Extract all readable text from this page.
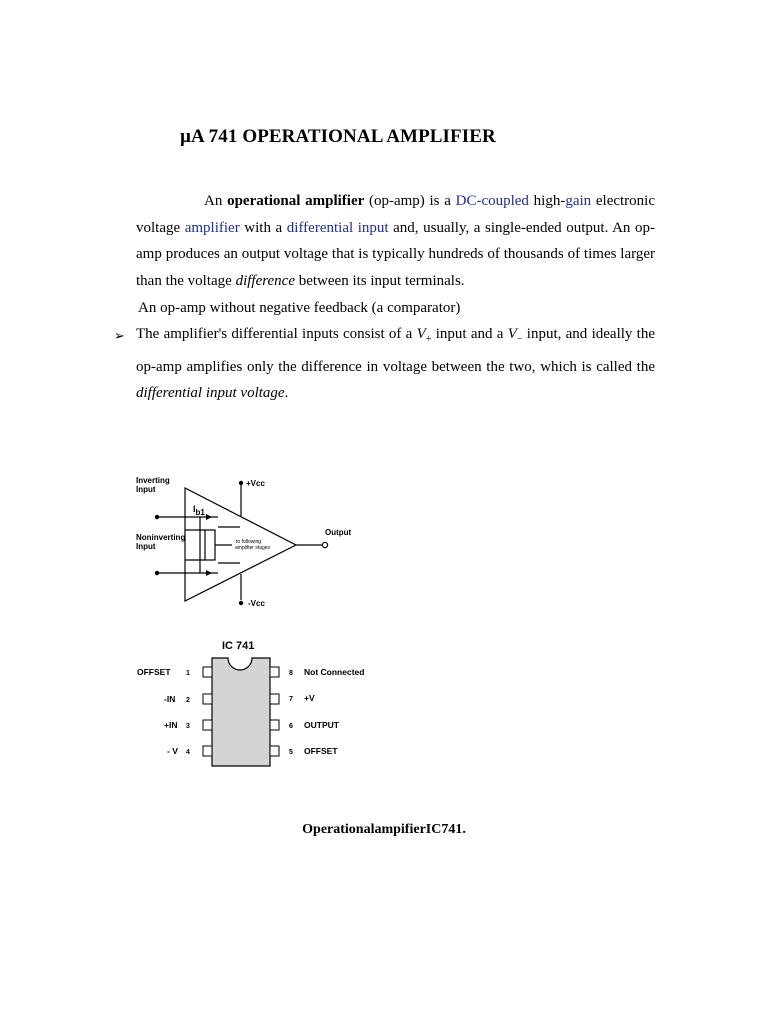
µA 741 OPERATIONAL AMPLIFIER

An operational amplifier (op-amp) is a DC-coupled high-gain electronic voltage amplifier with a differential input and, usually, a single-ended output. An op-amp produces an output voltage that is typically hundreds of thousands of times larger than the voltage difference between its input terminals.

An op-amp without negative feedback (a comparator)

➢ The amplifier's differential inputs consist of a $V_+$ input and a $V_-$ input, and ideally the op-amp amplifies only the difference in voltage between the two, which is called the differential input voltage.

Inverting
Input
Noninverting
Input
+Vcc
-Vcc
Output
Ib1
to following
amplifier stages
IC 741
OFFSET 1
-IN 2
+IN 3
- V 4
8 Not Connected
7 +V
6 OUTPUT
5 OFFSET
OperationalampifierIC741.
